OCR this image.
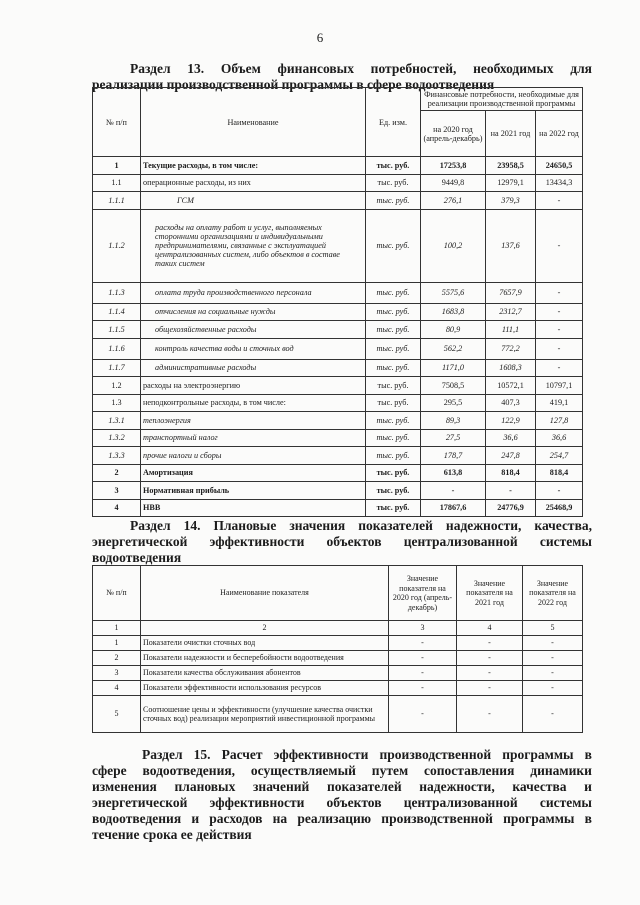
6
Раздел 13. Объем финансовых потребностей, необходимых для
реализации производственной программы в сфере водоотведения
№ п/п	Наименование	Ед. изм.	Финансовые потребности, необходимые для реализации производственной программы		
			на 2020 год (апрель-декабрь)	на 2021 год	на 2022 год
1	Текущие расходы, в том числе:	тыс. руб.	17253,8	23958,5	24650,5
1.1	операционные расходы, из них	тыс. руб.	9449,8	12979,1	13434,3
1.1.1	ГСМ	тыс. руб.	276,1	379,3	-
1.1.2	расходы на оплату работ и услуг, выполняемых сторонними организациями и индивидуальными предпринимателями, связанные с эксплуатацией централизованных систем, либо объектов в составе таких систем	тыс. руб.	100,2	137,6	-
1.1.3	оплата труда производственного персонала	тыс. руб.	5575,6	7657,9	-
1.1.4	отчисления на социальные нужды	тыс. руб.	1683,8	2312,7	-
1.1.5	общехозяйственные расходы	тыс. руб.	80,9	111,1	-
1.1.6	контроль качества воды и сточных вод	тыс. руб.	562,2	772,2	-
1.1.7	административные расходы	тыс. руб.	1171,0	1608,3	-
1.2	расходы на электроэнергию	тыс. руб.	7508,5	10572,1	10797,1
1.3	неподконтрольные расходы, в том числе:	тыс. руб.	295,5	407,3	419,1
1.3.1	теплоэнергия	тыс. руб.	89,3	122,9	127,8
1.3.2	транспортный налог	тыс. руб.	27,5	36,6	36,6
1.3.3	прочие налоги и сборы	тыс. руб.	178,7	247,8	254,7
2	Амортизация	тыс. руб.	613,8	818,4	818,4
3	Нормативная прибыль	тыс. руб.	-	-	-
4	НВВ	тыс. руб.	17867,6	24776,9	25468,9
Раздел 14. Плановые значения показателей надежности, качества,
энергетической эффективности объектов централизованной системы
водоотведения
№ п/п	Наименование показателя	Значение показателя на 2020 год (апрель-декабрь)	Значение показателя на 2021 год	Значение показателя на 2022 год
1	2	3	4	5
1	Показатели очистки сточных вод	-	-	-
2	Показатели надежности и бесперебойности водоотведения	-	-	-
3	Показатели качества обслуживания абонентов	-	-	-
4	Показатели эффективности использования ресурсов	-	-	-
5	Соотношение цены и эффективности (улучшение качества очистки сточных вод) реализации мероприятий инвестиционной программы	-	-	-
Раздел 15. Расчет эффективности производственной программы в
сфере водоотведения, осуществляемый путем сопоставления динамики
изменения плановых значений показателей надежности, качества и
энергетической эффективности объектов централизованной системы
водоотведения и расходов на реализацию производственной программы в
течение срока ее действия
